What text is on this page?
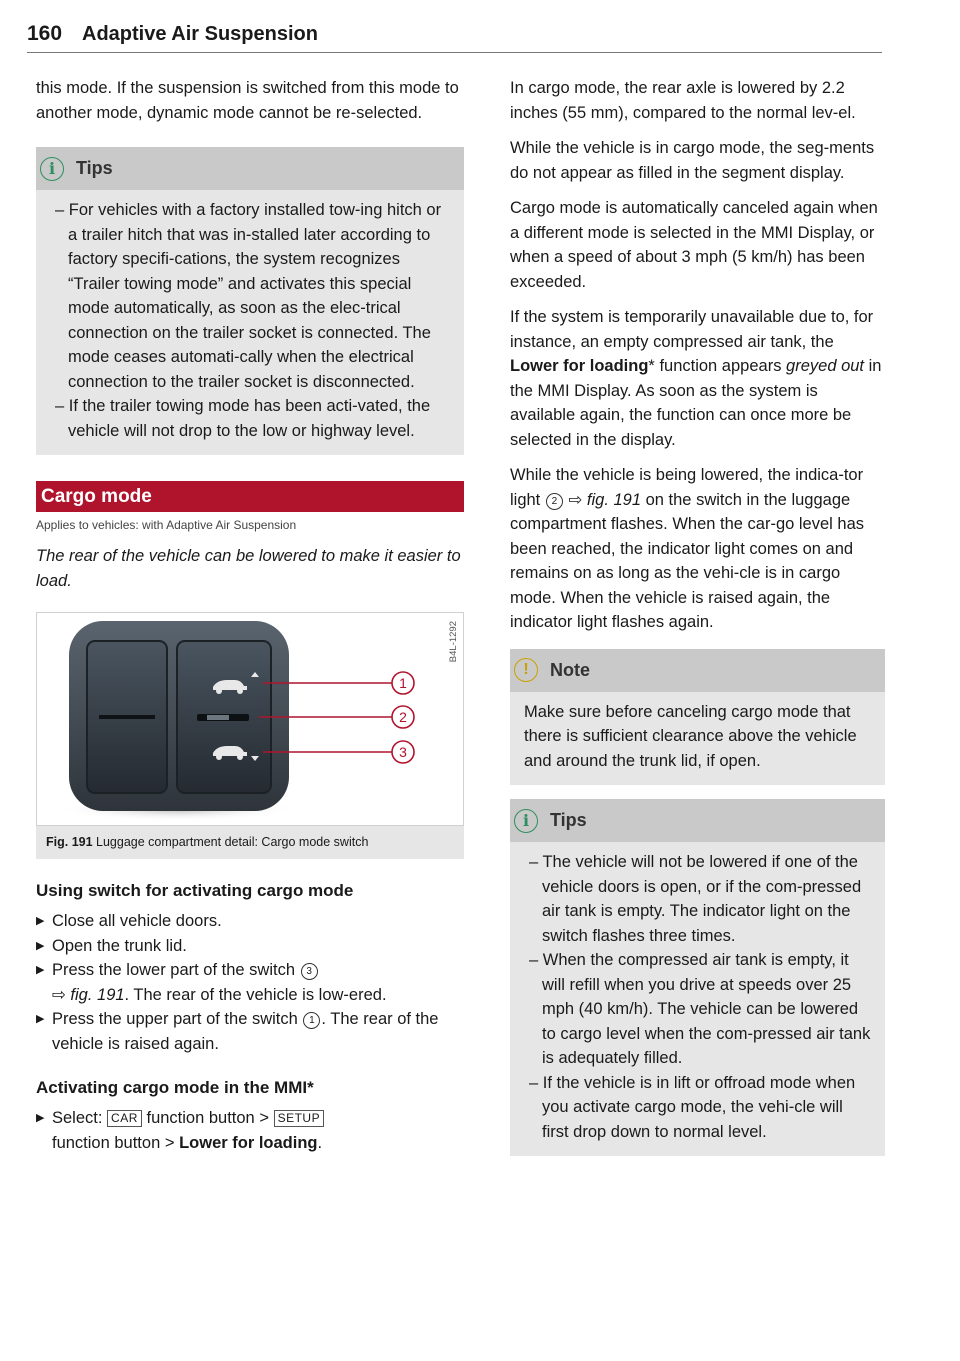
160 Adaptive Air Suspension

this mode. If the suspension is switched from this mode to another mode, dynamic mode cannot be re-selected.

i	Tips
– For vehicles with a factory installed tow-ing hitch or a trailer hitch that was in-stalled later according to factory specifi-cations, the system recognizes “Trailer towing mode” and activates this special mode automatically, as soon as the elec-trical connection on the trailer socket is connected. The mode ceases automati-cally when the electrical connection to the trailer socket is disconnected.
– If the trailer towing mode has been acti-vated, the vehicle will not drop to the low or highway level.
Cargo mode
Applies to vehicles: with Adaptive Air Suspension
The rear of the vehicle can be lowered to make it easier to load.
B4L-1292
1
2
3
Fig. 191 Luggage compartment detail: Cargo mode switch
Using switch for activating cargo mode
▶ Close all vehicle doors.
▶ Open the trunk lid.
▶ Press the lower part of the switch 3
⇨ fig. 191. The rear of the vehicle is low-ered.
▶ Press the upper part of the switch 1 . The rear of the vehicle is raised again.
Activating cargo mode in the MMI*
▶ Select: CAR function button > SETUP
function button > Lower for loading.

In cargo mode, the rear axle is lowered by 2.2 inches (55 mm), compared to the normal lev-el.

While the vehicle is in cargo mode, the seg-ments do not appear as filled in the segment display.

Cargo mode is automatically canceled again when a different mode is selected in the MMI Display, or when a speed of about 3 mph (5 km/h) has been exceeded.

If the system is temporarily unavailable due to, for instance, an empty compressed air tank, the Lower for loading* function appears greyed out in the MMI Display. As soon as the system is available again, the function can once more be selected in the display.

While the vehicle is being lowered, the indica-tor light 2 ⇨ fig. 191 on the switch in the luggage compartment flashes. When the car-go level has been reached, the indicator light comes on and remains on as long as the vehi-cle is in cargo mode. When the vehicle is raised again, the indicator light flashes again.

!	Note
Make sure before canceling cargo mode that there is sufficient clearance above the vehicle and around the trunk lid, if open.
i	Tips
– The vehicle will not be lowered if one of the vehicle doors is open, or if the com-pressed air tank is empty. The indicator light on the switch flashes three times.
– When the compressed air tank is empty, it will refill when you drive at speeds over 25 mph (40 km/h). The vehicle can be lowered to cargo level when the com-pressed air tank is adequately filled.
– If the vehicle is in lift or offroad mode when you activate cargo mode, the vehi-cle will first drop down to normal level.
